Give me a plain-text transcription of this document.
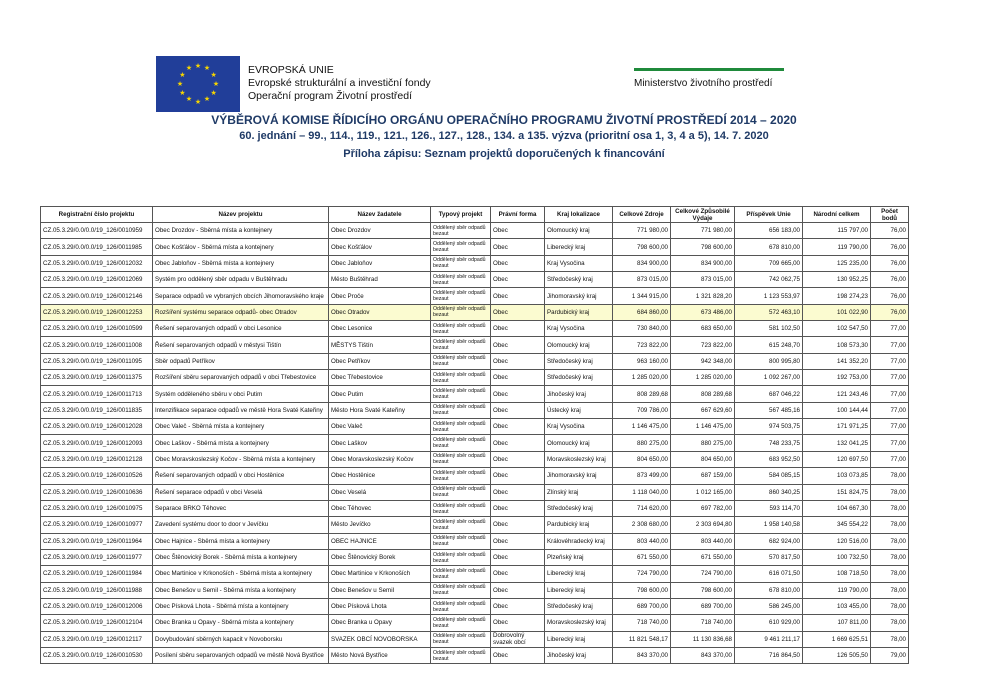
★ ★
★
★
★
★
★
★
★
★
★
★	EVROPSKÁ UNIE
Evropské strukturální a investiční fondy
Operační program Životní prostředí
Ministerstvo životního prostředí
VÝBĚROVÁ KOMISE ŘÍDICÍHO ORGÁNU OPERAČNÍHO PROGRAMU ŽIVOTNÍ PROSTŘEDÍ 2014 – 2020
60. jednání – 99., 114., 119., 121., 126., 127., 128., 134. a 135. výzva (prioritní osa 1, 3, 4 a 5), 14. 7. 2020
Příloha zápisu: Seznam projektů doporučených k financování
Registrační číslo projektu	Název projektu	Název žadatele	Typový projekt	Právní forma	Kraj lokalizace	Celkové Zdroje	Celkové Způsobilé Výdaje	Příspěvek Unie	Národní celkem	Počet bodů
CZ.05.3.29/0.0/0.0/19_126/0010959	Obec Drozdov - Sběrná místa a kontejnery	Obec Drozdov	Oddělený sběr odpadů bezaut	Obec	Olomoucký kraj	771 980,00	771 980,00	656 183,00	115 797,00	76,00
CZ.05.3.29/0.0/0.0/19_126/0011985	Obec Košťálov - Sběrná místa a kontejnery	Obec Košťálov	Oddělený sběr odpadů bezaut	Obec	Liberecký kraj	798 600,00	798 600,00	678 810,00	119 790,00	76,00
CZ.05.3.29/0.0/0.0/19_126/0012032	Obec Jabloňov - Sběrná místa a kontejnery	Obec Jabloňov	Oddělený sběr odpadů bezaut	Obec	Kraj Vysočina	834 900,00	834 900,00	709 665,00	125 235,00	76,00
CZ.05.3.29/0.0/0.0/19_126/0012069	Systém pro oddělený sběr odpadu v Buštěhradu	Město Buštěhrad	Oddělený sběr odpadů bezaut	Obec	Středočeský kraj	873 015,00	873 015,00	742 062,75	130 952,25	76,00
CZ.05.3.29/0.0/0.0/19_126/0012146	Separace odpadů ve vybraných obcích Jihomoravského kraje	Obec Proče	Oddělený sběr odpadů bezaut	Obec	Jihomoravský kraj	1 344 915,00	1 321 828,20	1 123 553,97	198 274,23	76,00
CZ.05.3.29/0.0/0.0/19_126/0012253	Rozšíření systému separace odpadů- obec Otradov	Obec Otradov	Oddělený sběr odpadů bezaut	Obec	Pardubický kraj	684 860,00	673 486,00	572 463,10	101 022,90	76,00
CZ.05.3.29/0.0/0.0/19_126/0010599	Řešení separovaných odpadů v obci Lesonice	Obec Lesonice	Oddělený sběr odpadů bezaut	Obec	Kraj Vysočina	730 840,00	683 650,00	581 102,50	102 547,50	77,00
CZ.05.3.29/0.0/0.0/19_126/0011008	Řešení separovaných odpadů v městysi Tištín	MĚSTYS Tištín	Oddělený sběr odpadů bezaut	Obec	Olomoucký kraj	723 822,00	723 822,00	615 248,70	108 573,30	77,00
CZ.05.3.29/0.0/0.0/19_126/0011095	Sběr odpadů Petříkov	Obec Petříkov	Oddělený sběr odpadů bezaut	Obec	Středočeský kraj	963 160,00	942 348,00	800 995,80	141 352,20	77,00
CZ.05.3.29/0.0/0.0/19_126/0011375	Rozšíření sběru separovaných odpadů v obci Třebestovice	Obec Třebestovice	Oddělený sběr odpadů bezaut	Obec	Středočeský kraj	1 285 020,00	1 285 020,00	1 092 267,00	192 753,00	77,00
CZ.05.3.29/0.0/0.0/19_126/0011713	Systém odděleného sběru v obci Putim	Obec Putim	Oddělený sběr odpadů bezaut	Obec	Jihočeský kraj	808 289,68	808 289,68	687 046,22	121 243,46	77,00
CZ.05.3.29/0.0/0.0/19_126/0011835	Intenzifikace separace odpadů ve městě Hora Svaté Kateřiny	Město Hora Svaté Kateřiny	Oddělený sběr odpadů bezaut	Obec	Ústecký kraj	709 786,00	667 629,60	567 485,16	100 144,44	77,00
CZ.05.3.29/0.0/0.0/19_126/0012028	Obec Valeč - Sběrná místa a kontejnery	Obec Valeč	Oddělený sběr odpadů bezaut	Obec	Kraj Vysočina	1 146 475,00	1 146 475,00	974 503,75	171 971,25	77,00
CZ.05.3.29/0.0/0.0/19_126/0012093	Obec Laškov - Sběrná místa a kontejnery	Obec Laškov	Oddělený sběr odpadů bezaut	Obec	Olomoucký kraj	880 275,00	880 275,00	748 233,75	132 041,25	77,00
CZ.05.3.29/0.0/0.0/19_126/0012128	Obec Moravskoslezský Kočov - Sběrná místa a kontejnery	Obec Moravskoslezský Kočov	Oddělený sběr odpadů bezaut	Obec	Moravskoslezský kraj	804 650,00	804 650,00	683 952,50	120 697,50	77,00
CZ.05.3.29/0.0/0.0/19_126/0010526	Řešení separovaných odpadů v obci Hostěnice	Obec Hostěnice	Oddělený sběr odpadů bezaut	Obec	Jihomoravský kraj	873 499,00	687 159,00	584 085,15	103 073,85	78,00
CZ.05.3.29/0.0/0.0/19_126/0010636	Řešení separace odpadů v obci Veselá	Obec Veselá	Oddělený sběr odpadů bezaut	Obec	Zlínský kraj	1 118 040,00	1 012 165,00	860 340,25	151 824,75	78,00
CZ.05.3.29/0.0/0.0/19_126/0010975	Separace BRKO Těhovec	Obec Těhovec	Oddělený sběr odpadů bezaut	Obec	Středočeský kraj	714 620,00	697 782,00	593 114,70	104 667,30	78,00
CZ.05.3.29/0.0/0.0/19_126/0010977	Zavedení systému door to door v Jevíčku	Město Jevíčko	Oddělený sběr odpadů bezaut	Obec	Pardubický kraj	2 308 680,00	2 303 694,80	1 958 140,58	345 554,22	78,00
CZ.05.3.29/0.0/0.0/19_126/0011964	Obec Hajnice - Sběrná místa a kontejnery	OBEC HAJNICE	Oddělený sběr odpadů bezaut	Obec	Královéhradecký kraj	803 440,00	803 440,00	682 924,00	120 516,00	78,00
CZ.05.3.29/0.0/0.0/19_126/0011977	Obec Štěnovický Borek - Sběrná místa a kontejnery	Obec Štěnovický Borek	Oddělený sběr odpadů bezaut	Obec	Plzeňský kraj	671 550,00	671 550,00	570 817,50	100 732,50	78,00
CZ.05.3.29/0.0/0.0/19_126/0011984	Obec Martinice v Krkonoších - Sběrná místa a kontejnery	Obec Martinice v Krkonoších	Oddělený sběr odpadů bezaut	Obec	Liberecký kraj	724 790,00	724 790,00	616 071,50	108 718,50	78,00
CZ.05.3.29/0.0/0.0/19_126/0011988	Obec Benešov u Semil - Sběrná místa a kontejnery	Obec Benešov u Semil	Oddělený sběr odpadů bezaut	Obec	Liberecký kraj	798 600,00	798 600,00	678 810,00	119 790,00	78,00
CZ.05.3.29/0.0/0.0/19_126/0012006	Obec Písková Lhota - Sběrná místa a kontejnery	Obec Písková Lhota	Oddělený sběr odpadů bezaut	Obec	Středočeský kraj	689 700,00	689 700,00	586 245,00	103 455,00	78,00
CZ.05.3.29/0.0/0.0/19_126/0012104	Obec Branka u Opavy - Sběrná místa a kontejnery	Obec Branka u Opavy	Oddělený sběr odpadů bezaut	Obec	Moravskoslezský kraj	718 740,00	718 740,00	610 929,00	107 811,00	78,00
CZ.05.3.29/0.0/0.0/19_126/0012117	Dovybudování sběrných kapacit v Novoborsku	SVAZEK OBCÍ NOVOBORSKA	Oddělený sběr odpadů bezaut	Dobrovolný svazek obcí	Liberecký kraj	11 821 548,17	11 130 836,68	9 461 211,17	1 669 625,51	78,00
CZ.05.3.29/0.0/0.0/19_126/0010530	Posílení sběru separovaných odpadů ve městě Nová Bystřice	Město Nová Bystřice	Oddělený sběr odpadů bezaut	Obec	Jihočeský kraj	843 370,00	843 370,00	716 864,50	126 505,50	79,00
